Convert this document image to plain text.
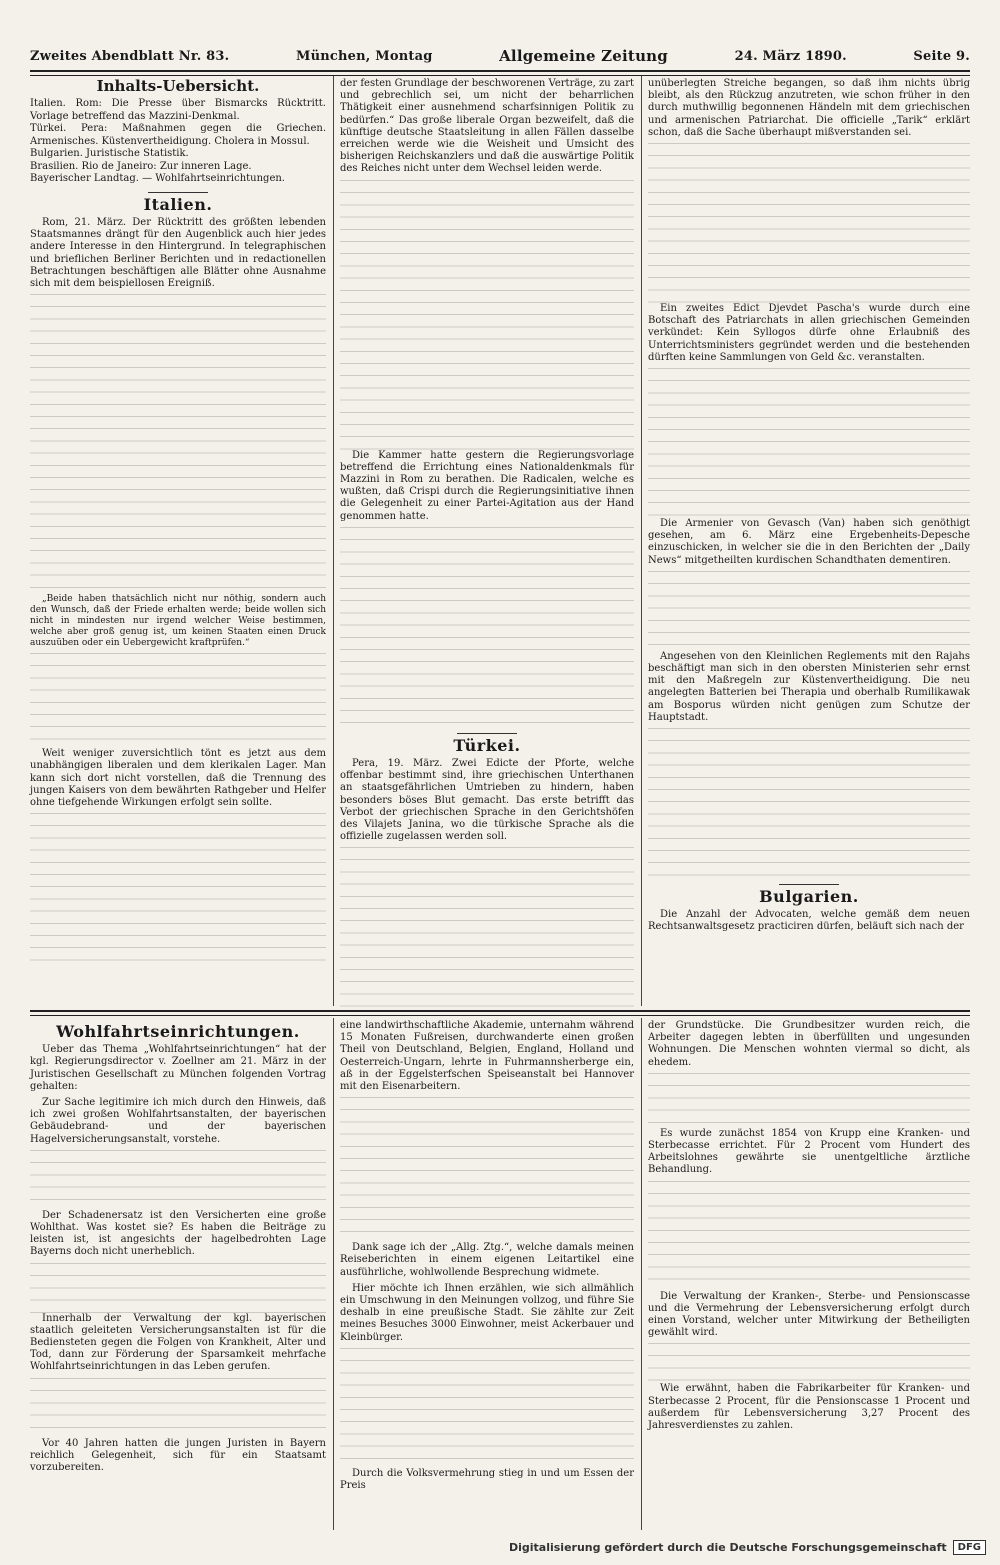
Zweites Abendblatt Nr. 83.	München, Montag	Allgemeine Zeitung	24. März 1890.	Seite 9.
Inhalts-Uebersicht.
Italien. Rom: Die Presse über Bismarcks Rücktritt. Vorlage betreffend das Mazzini-Denkmal.
Türkei. Pera: Maßnahmen gegen die Griechen. Armenisches. Küstenvertheidigung. Cholera in Mossul.
Bulgarien. Juristische Statistik.
Brasilien. Rio de Janeiro: Zur inneren Lage.
Bayerischer Landtag. — Wohlfahrtseinrichtungen.
Italien.

Rom, 21. März. Der Rücktritt des größten lebenden Staatsmannes drängt für den Augenblick auch hier jedes andere Interesse in den Hintergrund. In telegraphischen und brieflichen Berliner Berichten und in redactionellen Betrachtungen beschäftigen alle Blätter ohne Ausnahme sich mit dem beispiellosen Ereigniß.

„Beide haben thatsächlich nicht nur nöthig, sondern auch den Wunsch, daß der Friede erhalten werde; beide wollen sich nicht in mindesten nur irgend welcher Weise bestimmen, welche aber groß genug ist, um keinen Staaten einen Druck auszuüben oder ein Uebergewicht kraftprüfen.“

Weit weniger zuversichtlich tönt es jetzt aus dem unabhängigen liberalen und dem klerikalen Lager. Man kann sich dort nicht vorstellen, daß die Trennung des jungen Kaisers von dem bewährten Rathgeber und Helfer ohne tiefgehende Wirkungen erfolgt sein sollte.

der festen Grundlage der beschworenen Verträge, zu zart und gebrechlich sei, um nicht der beharrlichen Thätigkeit einer ausnehmend scharfsinnigen Politik zu bedürfen.“ Das große liberale Organ bezweifelt, daß die künftige deutsche Staatsleitung in allen Fällen dasselbe erreichen werde wie die Weisheit und Umsicht des bisherigen Reichskanzlers und daß die auswärtige Politik des Reiches nicht unter dem Wechsel leiden werde.

Die Kammer hatte gestern die Regierungsvorlage betreffend die Errichtung eines Nationaldenkmals für Mazzini in Rom zu berathen. Die Radicalen, welche es wußten, daß Crispi durch die Regierungsinitiative ihnen die Gelegenheit zu einer Partei-Agitation aus der Hand genommen hatte.

Türkei.

Pera, 19. März. Zwei Edicte der Pforte, welche offenbar bestimmt sind, ihre griechischen Unterthanen an staatsgefährlichen Umtrieben zu hindern, haben besonders böses Blut gemacht. Das erste betrifft das Verbot der griechischen Sprache in den Gerichtshöfen des Vilajets Janina, wo die türkische Sprache als die offizielle zugelassen werden soll.

unüberlegten Streiche begangen, so daß ihm nichts übrig bleibt, als den Rückzug anzutreten, wie schon früher in den durch muthwillig begonnenen Händeln mit dem griechischen und armenischen Patriarchat. Die officielle „Tarik“ erklärt schon, daß die Sache überhaupt mißverstanden sei.

Ein zweites Edict Djevdet Pascha's wurde durch eine Botschaft des Patriarchats in allen griechischen Gemeinden verkündet: Kein Syllogos dürfe ohne Erlaubniß des Unterrichtsministers gegründet werden und die bestehenden dürften keine Sammlungen von Geld &c. veranstalten.

Die Armenier von Gevasch (Van) haben sich genöthigt gesehen, am 6. März eine Ergebenheits-Depesche einzuschicken, in welcher sie die in den Berichten der „Daily News“ mitgetheilten kurdischen Schandthaten dementiren.

Angesehen von den Kleinlichen Reglements mit den Rajahs beschäftigt man sich in den obersten Ministerien sehr ernst mit den Maßregeln zur Küstenvertheidigung. Die neu angelegten Batterien bei Therapia und oberhalb Rumilikawak am Bosporus würden nicht genügen zum Schutze der Hauptstadt.

Bulgarien.

Die Anzahl der Advocaten, welche gemäß dem neuen Rechtsanwaltsgesetz practiciren dürfen, beläuft sich nach der

Wohlfahrtseinrichtungen.

Ueber das Thema „Wohlfahrtseinrichtungen“ hat der kgl. Regierungsdirector v. Zoellner am 21. März in der Juristischen Gesellschaft zu München folgenden Vortrag gehalten:

Zur Sache legitimire ich mich durch den Hinweis, daß ich zwei großen Wohlfahrtsanstalten, der bayerischen Gebäudebrand- und der bayerischen Hagelversicherungsanstalt, vorstehe.

Der Schadenersatz ist den Versicherten eine große Wohlthat. Was kostet sie? Es haben die Beiträge zu leisten ist, ist angesichts der hagelbedrohten Lage Bayerns doch nicht unerheblich.

Innerhalb der Verwaltung der kgl. bayerischen staatlich geleiteten Versicherungsanstalten ist für die Bediensteten gegen die Folgen von Krankheit, Alter und Tod, dann zur Förderung der Sparsamkeit mehrfache Wohlfahrtseinrichtungen in das Leben gerufen.

Vor 40 Jahren hatten die jungen Juristen in Bayern reichlich Gelegenheit, sich für ein Staatsamt vorzubereiten.

eine landwirthschaftliche Akademie, unternahm während 15 Monaten Fußreisen, durchwanderte einen großen Theil von Deutschland, Belgien, England, Holland und Oesterreich-Ungarn, lehrte in Fuhrmannsherberge ein, aß in der Eggelsterfschen Speiseanstalt bei Hannover mit den Eisenarbeitern.

Dank sage ich der „Allg. Ztg.“, welche damals meinen Reiseberichten in einem eigenen Leitartikel eine ausführliche, wohlwollende Besprechung widmete.

Hier möchte ich Ihnen erzählen, wie sich allmählich ein Umschwung in den Meinungen vollzog, und führe Sie deshalb in eine preußische Stadt. Sie zählte zur Zeit meines Besuches 3000 Einwohner, meist Ackerbauer und Kleinbürger.

Durch die Volksvermehrung stieg in und um Essen der Preis

der Grundstücke. Die Grundbesitzer wurden reich, die Arbeiter dagegen lebten in überfüllten und ungesunden Wohnungen. Die Menschen wohnten viermal so dicht, als ehedem.

Es wurde zunächst 1854 von Krupp eine Kranken- und Sterbecasse errichtet. Für 2 Procent vom Hundert des Arbeitslohnes gewährte sie unentgeltliche ärztliche Behandlung.

Die Verwaltung der Kranken-, Sterbe- und Pensionscasse und die Vermehrung der Lebensversicherung erfolgt durch einen Vorstand, welcher unter Mitwirkung der Betheiligten gewählt wird.

Wie erwähnt, haben die Fabrikarbeiter für Kranken- und Sterbecasse 2 Procent, für die Pensionscasse 1 Procent und außerdem für Lebensversicherung 3,27 Procent des Jahresverdienstes zu zahlen.

Digitalisierung gefördert durch die Deutsche Forschungsgemeinschaft	DFG
